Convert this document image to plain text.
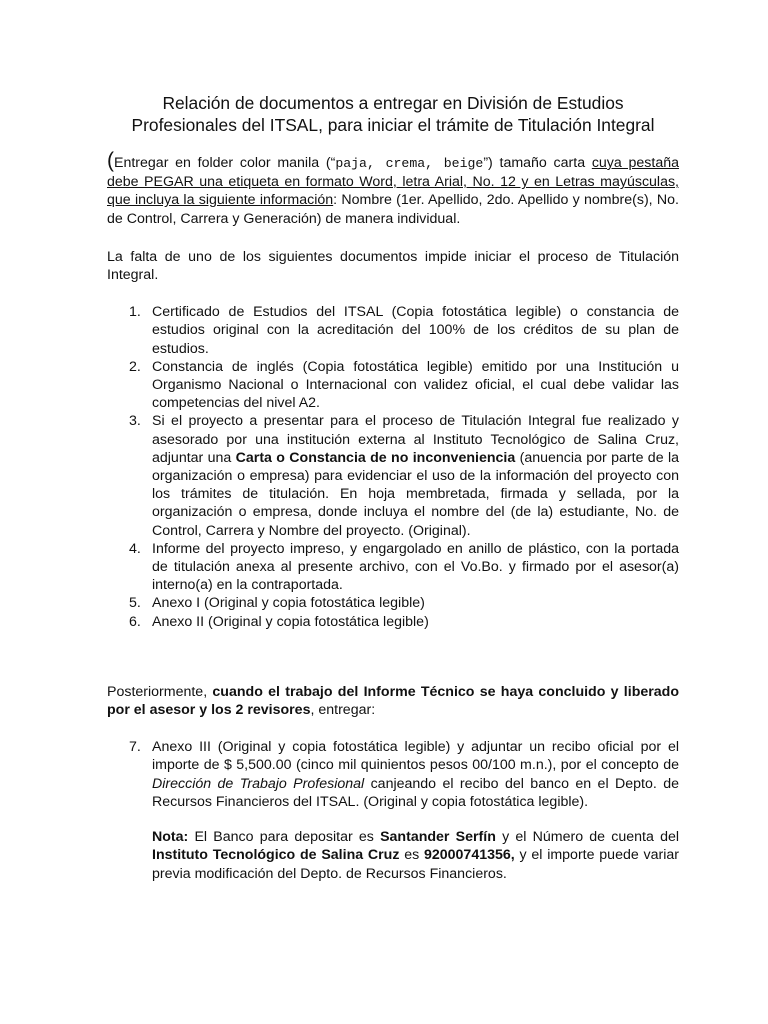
Relación de documentos a entregar en División de Estudios
Profesionales del ITSAL, para iniciar el trámite de Titulación Integral

(Entregar en folder color manila (“paja, crema, beige”) tamaño carta cuya pestaña debe PEGAR una etiqueta en formato Word, letra Arial, No. 12 y en Letras mayúsculas, que incluya la siguiente información: Nombre (1er. Apellido, 2do. Apellido y nombre(s), No. de Control, Carrera y Generación) de manera individual.

La falta de uno de los siguientes documentos impide iniciar el proceso de Titulación Integral.

1. Certificado de Estudios del ITSAL (Copia fotostática legible) o constancia de estudios original con la acreditación del 100% de los créditos de su plan de estudios.
2. Constancia de inglés (Copia fotostática legible) emitido por una Institución u Organismo Nacional o Internacional con validez oficial, el cual debe validar las competencias del nivel A2.
3. Si el proyecto a presentar para el proceso de Titulación Integral fue realizado y asesorado por una institución externa al Instituto Tecnológico de Salina Cruz, adjuntar una Carta o Constancia de no inconveniencia (anuencia por parte de la organización o empresa) para evidenciar el uso de la información del proyecto con los trámites de titulación. En hoja membretada, firmada y sellada, por la organización o empresa, donde incluya el nombre del (de la) estudiante, No. de Control, Carrera y Nombre del proyecto. (Original).
4. Informe del proyecto impreso, y engargolado en anillo de plástico, con la portada de titulación anexa al presente archivo, con el Vo.Bo. y firmado por el asesor(a) interno(a) en la contraportada.
5. Anexo I (Original y copia fotostática legible)
6. Anexo II (Original y copia fotostática legible)

Posteriormente, cuando el trabajo del Informe Técnico se haya concluido y liberado por el asesor y los 2 revisores, entregar:

7. Anexo III (Original y copia fotostática legible) y adjuntar un recibo oficial por el importe de $ 5,500.00 (cinco mil quinientos pesos 00/100 m.n.), por el concepto de Dirección de Trabajo Profesional canjeando el recibo del banco en el Depto. de Recursos Financieros del ITSAL. (Original y copia fotostática legible).

Nota: El Banco para depositar es Santander Serfín y el Número de cuenta del Instituto Tecnológico de Salina Cruz es 92000741356, y el importe puede variar previa modificación del Depto. de Recursos Financieros.
